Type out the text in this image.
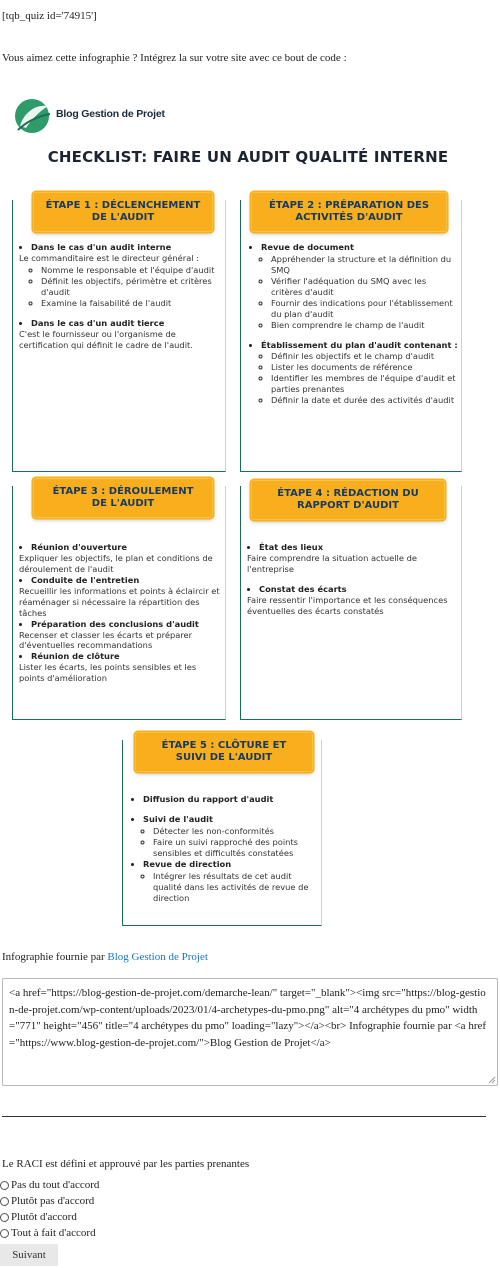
[tqb_quiz id='74915']
Vous aimez cette infographie ? Intégrez la sur votre site avec ce bout de code :
Blog Gestion de Projet
CHECKLIST: FAIRE UN AUDIT QUALITÉ INTERNE
ÉTAPE 1 : DÉCLENCHEMENT
DE L'AUDIT
• Dans le cas d'un audit interne

Le commanditaire est le directeur général :

◦ Nomme le responsable et l'équipe d'audit
◦ Définit les objectifs, périmètre et critères d'audit
◦ Examine la faisabilité de l'audit
• Dans le cas d'un audit tierce

C'est le fournisseur ou l'organisme de certification qui définit le cadre de l'audit.

ÉTAPE 2 : PRÉPARATION DES
ACTIVITÉS D'AUDIT
• Revue de document
◦ Appréhender la structure et la définition du SMQ
◦ Vérifier l'adéquation du SMQ avec les critères d'audit
◦ Fournir des indications pour l'établissement du plan d'audit
◦ Bien comprendre le champ de l'audit
• Établissement du plan d'audit contenant :
◦ Définir les objectifs et le champ d'audit
◦ Lister les documents de référence
◦ Identifier les membres de l'équipe d'audit et parties prenantes
◦ Définir la date et durée des activités d'audit
ÉTAPE 3 : DÉROULEMENT
DE L'AUDIT
• Réunion d'ouverture

Expliquer les objectifs, le plan et conditions de déroulement de l'audit

• Conduite de l'entretien

Recueillir les informations et points à éclaircir et réaménager si nécessaire la répartition des tâches

• Préparation des conclusions d'audit

Recenser et classer les écarts et préparer d'éventuelles recommandations

• Réunion de clôture

Lister les écarts, les points sensibles et les points d'amélioration

ÉTAPE 4 : RÉDACTION DU
RAPPORT D'AUDIT
• État des lieux

Faire comprendre la situation actuelle de l'entreprise

• Constat des écarts

Faire ressentir l'importance et les conséquences éventuelles des écarts constatés

ÉTAPE 5 : CLÔTURE ET
SUIVI DE L'AUDIT
• Diffusion du rapport d'audit
• Suivi de l'audit
◦ Détecter les non-conformités
◦ Faire un suivi rapproché des points sensibles et difficultés constatées
• Revue de direction
◦ Intégrer les résultats de cet audit qualité dans les activités de revue de direction
Infographie fournie par Blog Gestion de Projet
<a href="https://blog-gestion-de-projet.com/demarche-lean/" target="_blank"><img src="https://blog-gestion-de-projet.com/wp-content/uploads/2023/01/4-archetypes-du-pmo.png" alt="4 archétypes du pmo" width="771" height="456" title="4 archétypes du pmo" loading="lazy"></a><br> Infographie fournie par <a href="https://www.blog-gestion-de-projet.com/">Blog Gestion de Projet</a>
Le RACI est défini et approuvé par les parties prenantes
Pas du tout d'accord
Plutôt pas d'accord
Plutôt d'accord
Tout à fait d'accord
Suivant
